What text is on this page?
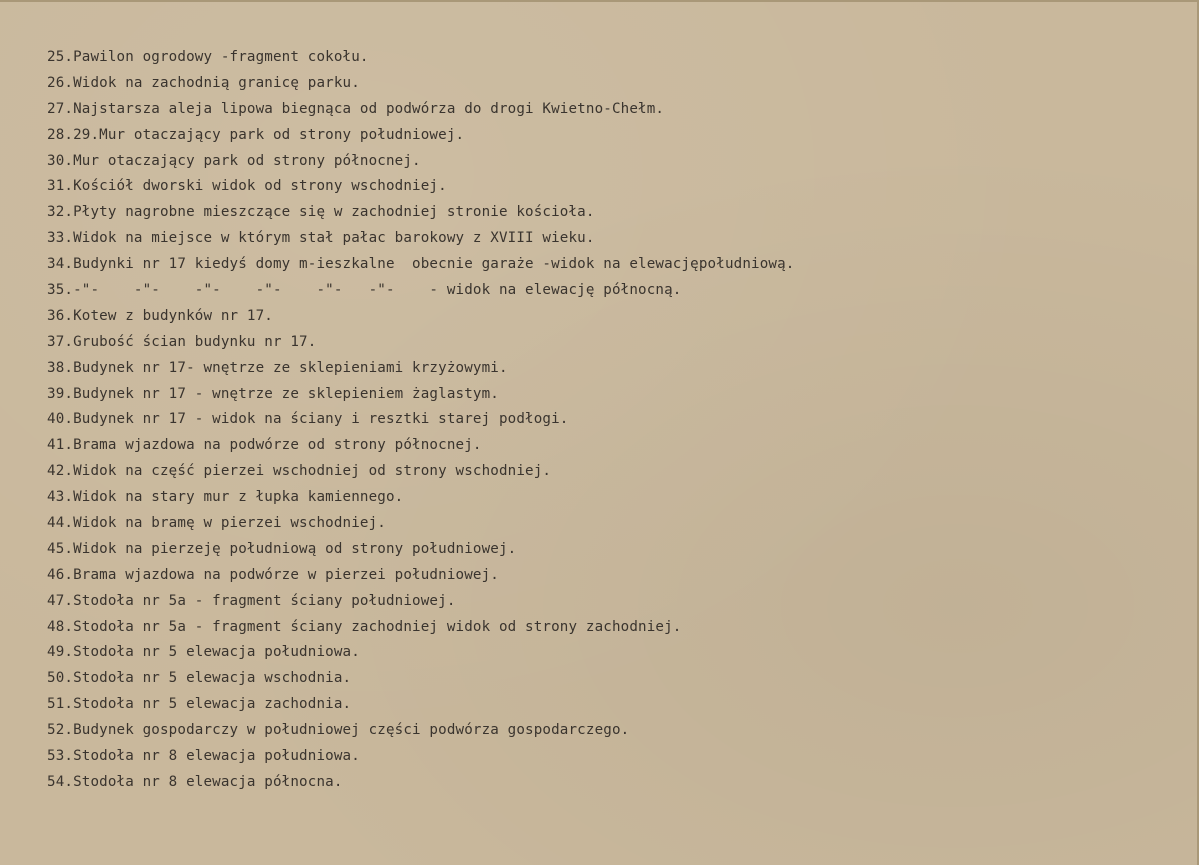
25.Pawilon ogrodowy -fragment cokołu.
26.Widok na zachodnią granicę parku.
27.Najstarsza aleja lipowa biegnąca od podwórza do drogi Kwietno-Chełm.
28.29.Mur otaczający park od strony południowej.
30.Mur otaczający park od strony północnej.
31.Kościół dworski widok od strony wschodniej.
32.Płyty nagrobne mieszczące się w zachodniej stronie kościoła.
33.Widok na miejsce w którym stał pałac barokowy z XVIII wieku.
34.Budynki nr 17 kiedyś domy m-ieszkalne  obecnie garaże -widok na elewacjępołudniową.
35.-"-    -"-    -"-    -"-    -"-   -"-    - widok na elewację północną.
36.Kotew z budynków nr 17.
37.Grubość ścian budynku nr 17.
38.Budynek nr 17- wnętrze ze sklepieniami krzyżowymi.
39.Budynek nr 17 - wnętrze ze sklepieniem żaglastym.
40.Budynek nr 17 - widok na ściany i resztki starej podłogi.
41.Brama wjazdowa na podwórze od strony północnej.
42.Widok na część pierzei wschodniej od strony wschodniej.
43.Widok na stary mur z łupka kamiennego.
44.Widok na bramę w pierzei wschodniej.
45.Widok na pierzeję południową od strony południowej.
46.Brama wjazdowa na podwórze w pierzei południowej.
47.Stodoła nr 5a - fragment ściany południowej.
48.Stodoła nr 5a - fragment ściany zachodniej widok od strony zachodniej.
49.Stodoła nr 5 elewacja południowa.
50.Stodoła nr 5 elewacja wschodnia.
51.Stodoła nr 5 elewacja zachodnia.
52.Budynek gospodarczy w południowej części podwórza gospodarczego.
53.Stodoła nr 8 elewacja południowa.
54.Stodoła nr 8 elewacja północna.
